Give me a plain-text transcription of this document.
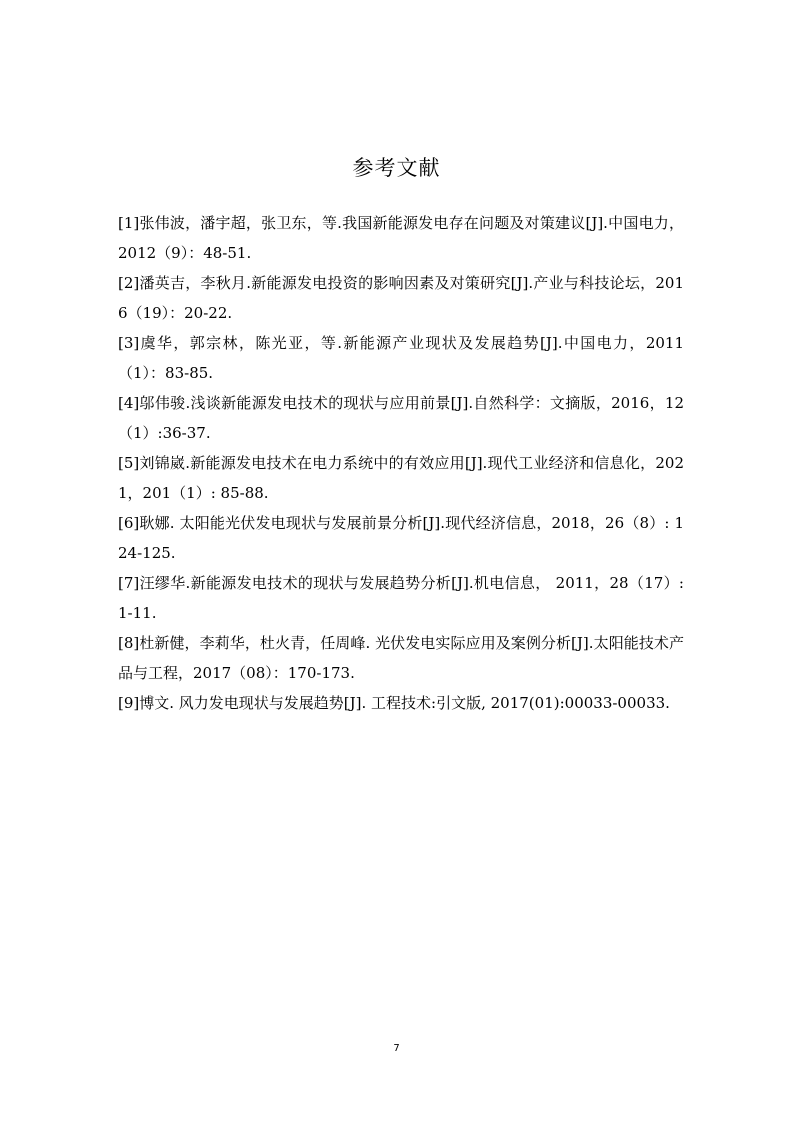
参考文献
[1]张伟波，潘宇超，张卫东，等.我国新能源发电存在问题及对策建议[J].中国电力，2012（9）：48-51.
[2]潘英吉，李秋月.新能源发电投资的影响因素及对策研究[J].产业与科技论坛，2016（19）：20-22.
[3]虞华，郭宗林，陈光亚，等.新能源产业现状及发展趋势[J].中国电力，2011（1）：83-85.
[4]邬伟骏.浅谈新能源发电技术的现状与应用前景[J].自然科学：文摘版，2016，12（1）:36-37.
[5]刘锦崴.新能源发电技术在电力系统中的有效应用[J].现代工业经济和信息化，2021，201（1）: 85-88.
[6]耿娜. 太阳能光伏发电现状与发展前景分析[J].现代经济信息，2018，26（8）: 124-125.
[7]汪缪华.新能源发电技术的现状与发展趋势分析[J].机电信息， 2011，28（17）: 1-11.
[8]杜新健，李莉华，杜火青，任周峰. 光伏发电实际应用及案例分析[J].太阳能技术产品与工程，2017（08）：170-173.
[9]博文. 风力发电现状与发展趋势[J]. 工程技术:引文版, 2017(01):00033-00033.
7
